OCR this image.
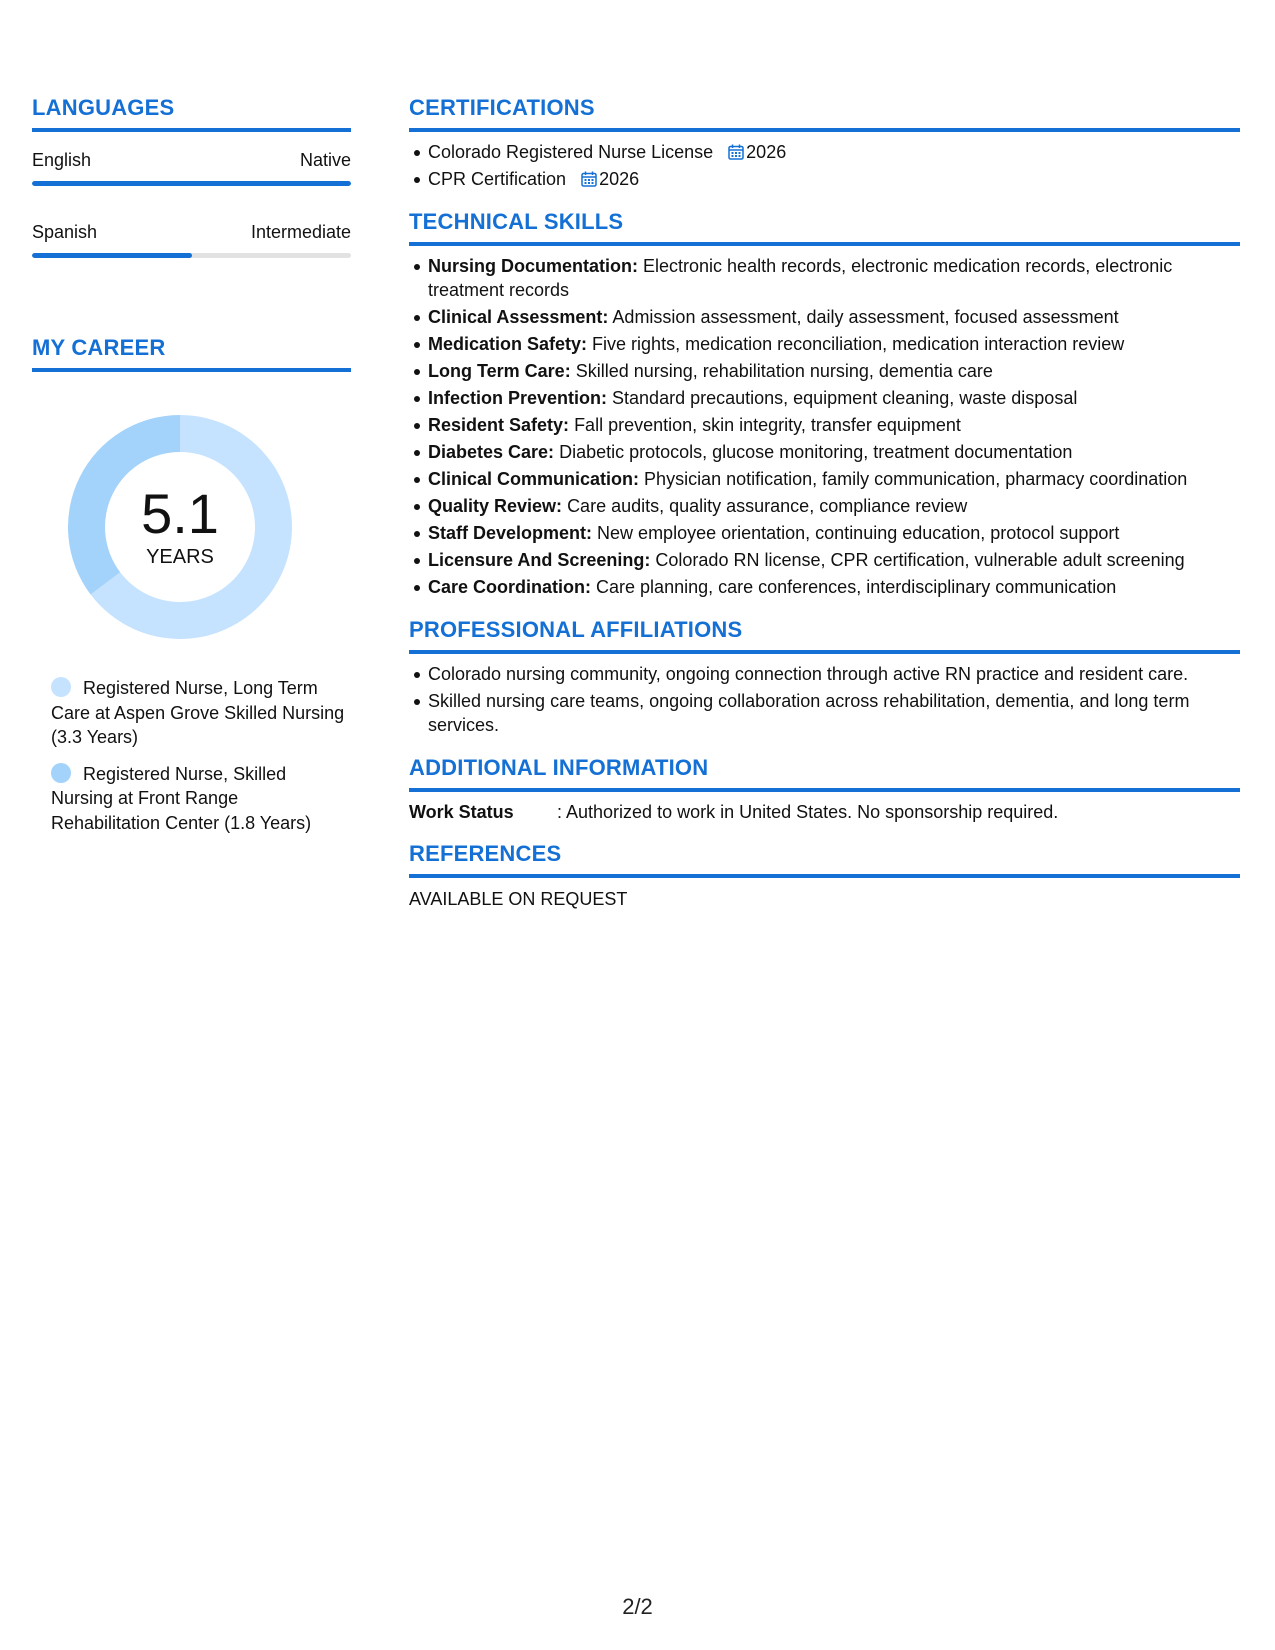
LANGUAGES
English	Native
Spanish	Intermediate
MY CAREER
5.1
YEARS
Registered Nurse, Long Term Care at Aspen Grove Skilled Nursing (3.3 Years)
Registered Nurse, Skilled Nursing at Front Range Rehabilitation Center (1.8 Years)
CERTIFICATIONS
Colorado Registered Nurse License 2026
CPR Certification 2026
TECHNICAL SKILLS
Nursing Documentation: Electronic health records, electronic medication records, electronic treatment records
Clinical Assessment: Admission assessment, daily assessment, focused assessment
Medication Safety: Five rights, medication reconciliation, medication interaction review
Long Term Care: Skilled nursing, rehabilitation nursing, dementia care
Infection Prevention: Standard precautions, equipment cleaning, waste disposal
Resident Safety: Fall prevention, skin integrity, transfer equipment
Diabetes Care: Diabetic protocols, glucose monitoring, treatment documentation
Clinical Communication: Physician notification, family communication, pharmacy coordination
Quality Review: Care audits, quality assurance, compliance review
Staff Development: New employee orientation, continuing education, protocol support
Licensure And Screening: Colorado RN license, CPR certification, vulnerable adult screening
Care Coordination: Care planning, care conferences, interdisciplinary communication
PROFESSIONAL AFFILIATIONS
Colorado nursing community, ongoing connection through active RN practice and resident care.
Skilled nursing care teams, ongoing collaboration across rehabilitation, dementia, and long term services.
ADDITIONAL INFORMATION
Work Status	: Authorized to work in United States. No sponsorship required.
REFERENCES
AVAILABLE ON REQUEST
2/2
